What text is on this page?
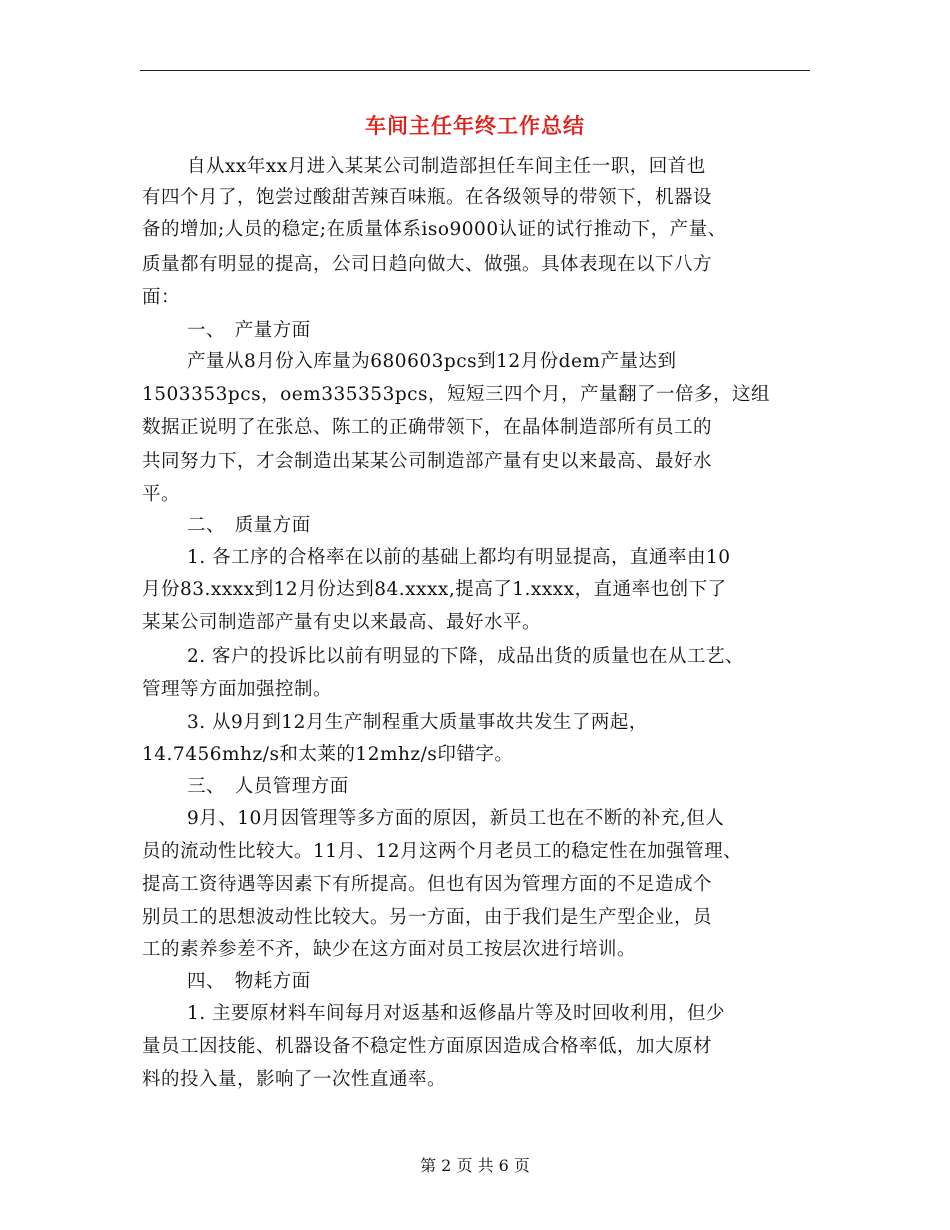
车间主任年终工作总结
自从xx年xx月进入某某公司制造部担任车间主任一职，回首也
有四个月了，饱尝过酸甜苦辣百味瓶。在各级领导的带领下，机器设
备的增加;人员的稳定;在质量体系iso9000认证的试行推动下，产量、
质量都有明显的提高，公司日趋向做大、做强。具体表现在以下八方
面：
一、　产量方面
产量从8月份入库量为680603pcs到12月份dem产量达到
1503353pcs，oem335353pcs，短短三四个月，产量翻了一倍多，这组
数据正说明了在张总、陈工的正确带领下，在晶体制造部所有员工的
共同努力下，才会制造出某某公司制造部产量有史以来最高、最好水
平。
二、　质量方面
1. 各工序的合格率在以前的基础上都均有明显提高，直通率由10
月份83.xxxx到12月份达到84.xxxx,提高了1.xxxx，直通率也创下了
某某公司制造部产量有史以来最高、最好水平。
2. 客户的投诉比以前有明显的下降，成品出货的质量也在从工艺、
管理等方面加强控制。
3. 从9月到12月生产制程重大质量事故共发生了两起，
14.7456mhz/s和太莱的12mhz/s印错字。
三、　人员管理方面
9月、10月因管理等多方面的原因，新员工也在不断的补充,但人
员的流动性比较大。11月、12月这两个月老员工的稳定性在加强管理、
提高工资待遇等因素下有所提高。但也有因为管理方面的不足造成个
别员工的思想波动性比较大。另一方面，由于我们是生产型企业，员
工的素养参差不齐，缺少在这方面对员工按层次进行培训。
四、　物耗方面
1. 主要原材料车间每月对返基和返修晶片等及时回收利用，但少
量员工因技能、机器设备不稳定性方面原因造成合格率低，加大原材
料的投入量，影响了一次性直通率。
第 2 页 共 6 页
